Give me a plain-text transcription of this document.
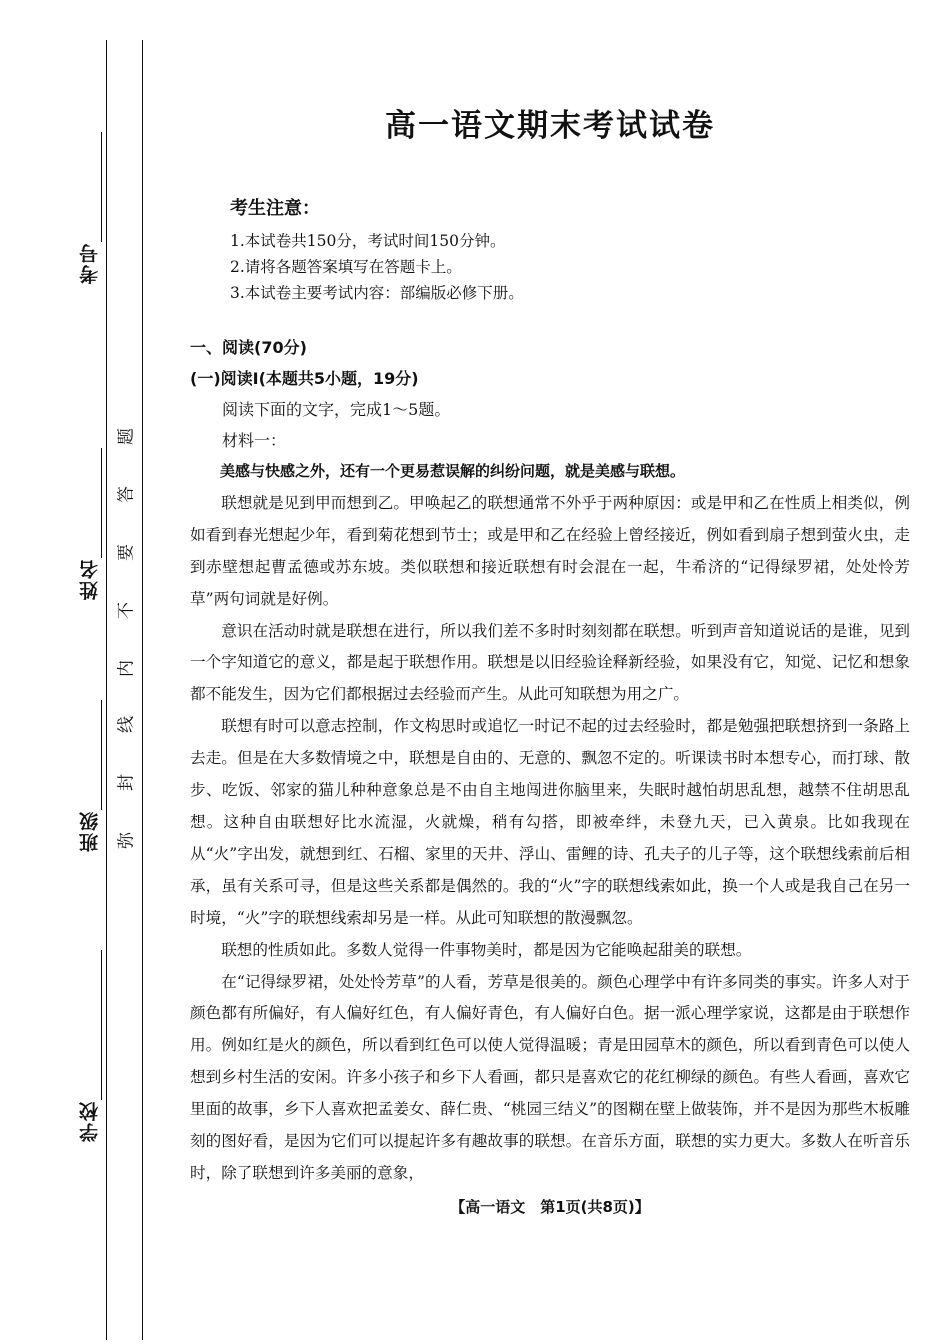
考号
姓名
班级
学校
弥
封
线
内
不
要
答
题
高一语文期末考试试卷
考生注意：
1.本试卷共150分，考试时间150分钟。
2.请将各题答案填写在答题卡上。
3.本试卷主要考试内容：部编版必修下册。
一、阅读(70分)
(一)阅读Ⅰ(本题共5小题，19分)
阅读下面的文字，完成1～5题。
材料一：

美感与快感之外，还有一个更易惹误解的纠纷问题，就是美感与联想。

联想就是见到甲而想到乙。甲唤起乙的联想通常不外乎于两种原因：或是甲和乙在性质上相类似，例如看到春光想起少年，看到菊花想到节士；或是甲和乙在经验上曾经接近，例如看到扇子想到萤火虫，走到赤壁想起曹孟德或苏东坡。类似联想和接近联想有时会混在一起，牛希济的“记得绿罗裙，处处怜芳草”两句词就是好例。

意识在活动时就是联想在进行，所以我们差不多时时刻刻都在联想。听到声音知道说话的是谁，见到一个字知道它的意义，都是起于联想作用。联想是以旧经验诠释新经验，如果没有它，知觉、记忆和想象都不能发生，因为它们都根据过去经验而产生。从此可知联想为用之广。

联想有时可以意志控制，作文构思时或追忆一时记不起的过去经验时，都是勉强把联想挤到一条路上去走。但是在大多数情境之中，联想是自由的、无意的、飘忽不定的。听课读书时本想专心，而打球、散步、吃饭、邻家的猫儿种种意象总是不由自主地闯进你脑里来，失眠时越怕胡思乱想，越禁不住胡思乱想。这种自由联想好比水流湿，火就燥，稍有勾搭，即被牵绊，未登九天，已入黄泉。比如我现在从“火”字出发，就想到红、石榴、家里的天井、浮山、雷鲤的诗、孔夫子的儿子等，这个联想线索前后相承，虽有关系可寻，但是这些关系都是偶然的。我的“火”字的联想线索如此，换一个人或是我自己在另一时境，“火”字的联想线索却另是一样。从此可知联想的散漫飘忽。

联想的性质如此。多数人觉得一件事物美时，都是因为它能唤起甜美的联想。

在“记得绿罗裙，处处怜芳草”的人看，芳草是很美的。颜色心理学中有许多同类的事实。许多人对于颜色都有所偏好，有人偏好红色，有人偏好青色，有人偏好白色。据一派心理学家说，这都是由于联想作用。例如红是火的颜色，所以看到红色可以使人觉得温暖；青是田园草木的颜色，所以看到青色可以使人想到乡村生活的安闲。许多小孩子和乡下人看画，都只是喜欢它的花红柳绿的颜色。有些人看画，喜欢它里面的故事，乡下人喜欢把孟姜女、薛仁贵、“桃园三结义”的图糊在壁上做装饰，并不是因为那些木板雕刻的图好看，是因为它们可以提起许多有趣故事的联想。在音乐方面，联想的实力更大。多数人在听音乐时，除了联想到许多美丽的意象，

【高一语文　第1页(共8页)】
